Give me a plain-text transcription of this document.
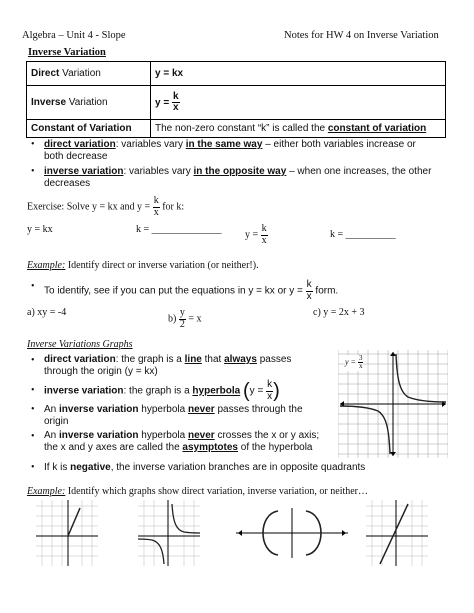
Algebra – Unit 4 - Slope	Notes for HW 4 on Inverse Variation
Inverse Variation
Direct Variation	y = kx
Inverse Variation	$y = \frac{k}{x}$

Constant of Variation	The non-zero constant “k” is called the constant of variation
• direct variation: variables vary in the same way – either both variables increase or
both decrease
• inverse variation: variables vary in the opposite way – when one increases, the other
decreases
Exercise: Solve y = kx and $y = \frac{k}{x}$ for k:
y = kx	k = ______________ $y = \frac{k}{x}$	k = __________
Example: Identify direct or inverse variation (or neither!).
• To identify, see if you can put the equations in y = kx or $y = \frac{k}{x}$ form.
a) xy = -4
$b) \frac{y}{2} = x$
c) y = 2x + 3
Inverse Variations Graphs
• direct variation: the graph is a line that always passes
through the origin (y = kx)
• inverse variation: the graph is a hyperbola ($y = \frac{k}{x}$ )
• An inverse variation hyperbola never passes through the
origin
• An inverse variation hyperbola never crosses the x or y axis;
the x and y axes are called the asymptotes of the hyperbola
• If k is negative, the inverse variation branches are in opposite quadrants
$y = \frac{3}{x}$
Example: Identify which graphs show direct variation, inverse variation, or neither…
